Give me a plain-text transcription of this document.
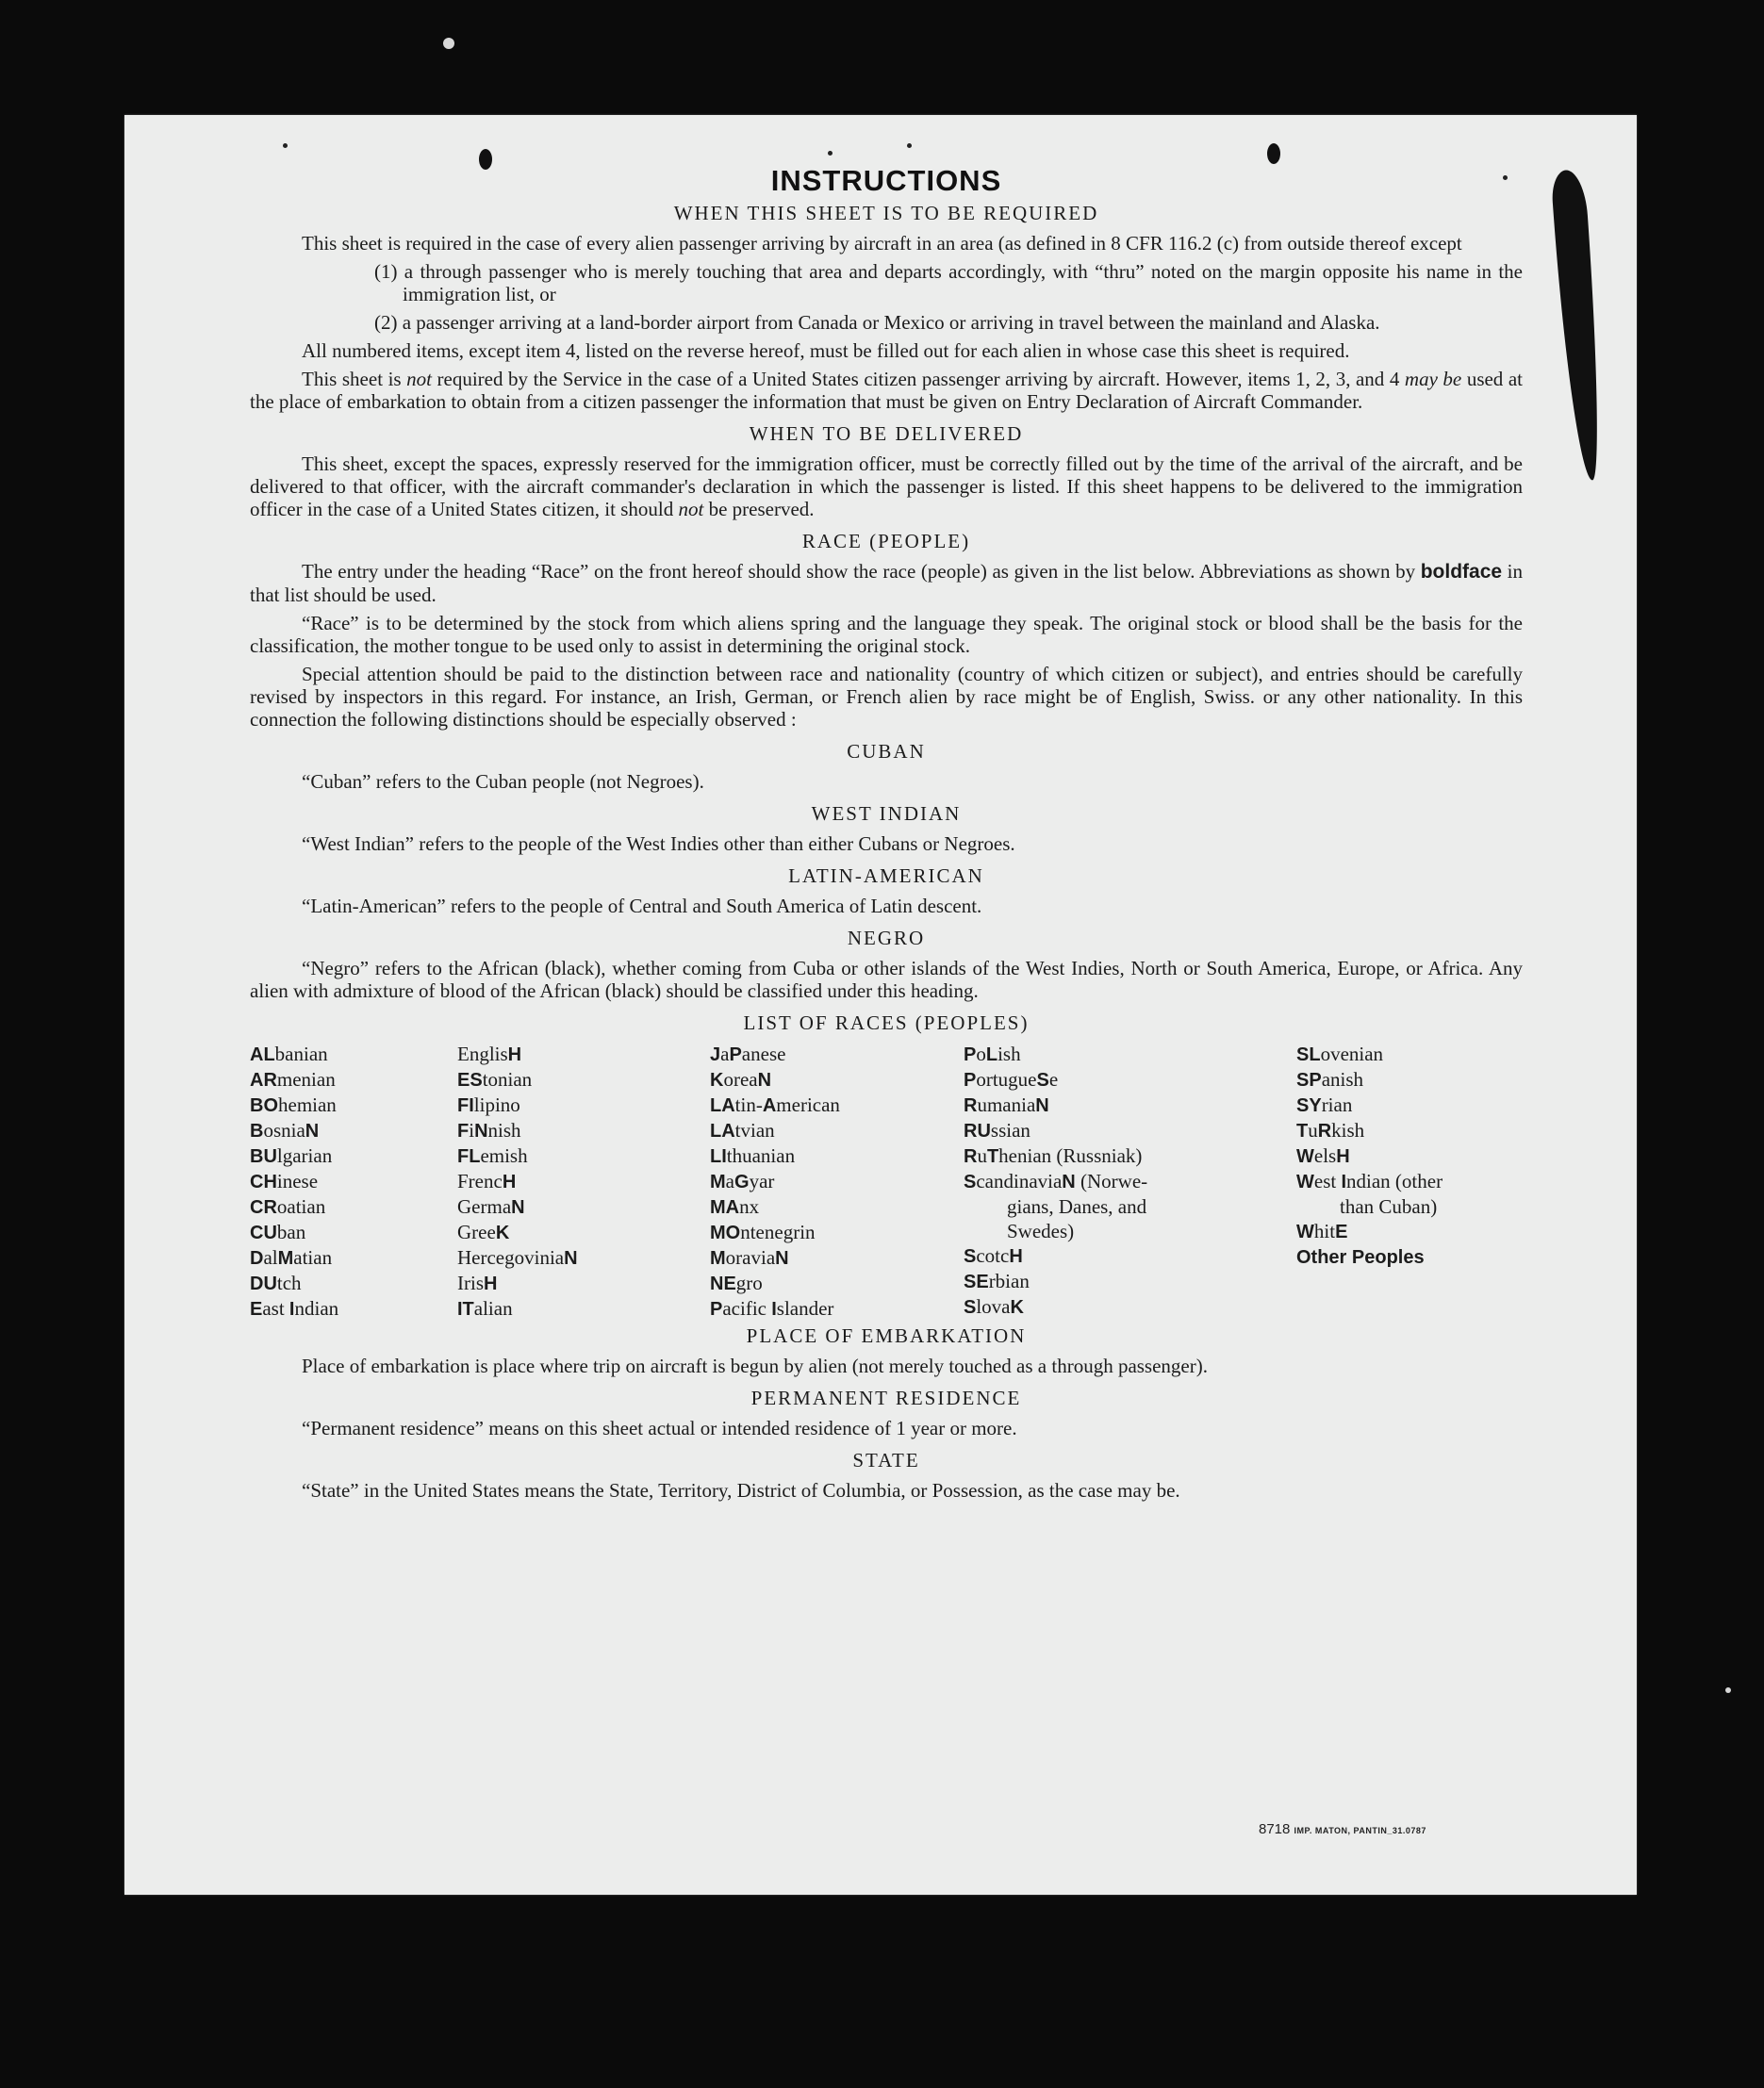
INSTRUCTIONS
WHEN THIS SHEET IS TO BE REQUIRED

This sheet is required in the case of every alien passenger arriving by aircraft in an area (as defined in 8 CFR 116.2 (c) from outside thereof except

(1) a through passenger who is merely touching that area and departs accordingly, with “thru” noted on the margin opposite his name in the immigration list, or

(2) a passenger arriving at a land-border airport from Canada or Mexico or arriving in travel between the mainland and Alaska.

All numbered items, except item 4, listed on the reverse hereof, must be filled out for each alien in whose case this sheet is required.

This sheet is not required by the Service in the case of a United States citizen passenger arriving by aircraft. However, items 1, 2, 3, and 4 may be used at the place of embarkation to obtain from a citizen passenger the information that must be given on Entry Declaration of Aircraft Commander.

WHEN TO BE DELIVERED

This sheet, except the spaces, expressly reserved for the immigration officer, must be correctly filled out by the time of the arrival of the aircraft, and be delivered to that officer, with the aircraft commander's declaration in which the passenger is listed. If this sheet happens to be delivered to the immigration officer in the case of a United States citizen, it should not be preserved.

RACE (PEOPLE)

The entry under the heading “Race” on the front hereof should show the race (people) as given in the list below. Abbreviations as shown by boldface in that list should be used.

“Race” is to be determined by the stock from which aliens spring and the language they speak. The original stock or blood shall be the basis for the classification, the mother tongue to be used only to assist in determining the original stock.

Special attention should be paid to the distinction between race and nationality (country of which citizen or subject), and entries should be carefully revised by inspectors in this regard. For instance, an Irish, German, or French alien by race might be of English, Swiss. or any other nationality. In this connection the following distinctions should be especially observed :

CUBAN

“Cuban” refers to the Cuban people (not Negroes).

WEST INDIAN

“West Indian” refers to the people of the West Indies other than either Cubans or Negroes.

LATIN-AMERICAN

“Latin-American” refers to the people of Central and South America of Latin descent.

NEGRO

“Negro” refers to the African (black), whether coming from Cuba or other islands of the West Indies, North or South America, Europe, or Africa. Any alien with admixture of blood of the African (black) should be classified under this heading.

LIST OF RACES (PEOPLES)
ALbanian
ARmenian
BOhemian
BosniaN
BUlgarian
CHinese
CRoatian
CUban
DalMatian
DUtch
East Indian
EnglisH
EStonian
FIlipino
FiNnish
FLemish
FrencH
GermaN
GreeK
HercegoviniaN
IrisH
ITalian
JaPanese
KoreaN
LAtin-American
LAtvian
LIthuanian
MaGyar
MAnx
MOntenegrin
MoraviaN
NEgro
Pacific Islander
PoLish
PortugueSe
RumaniaN
RUssian
RuThenian (Russniak)
ScandinaviaN (Norwe-
gians, Danes, and
Swedes)
ScotcH
SErbian
SlovaK
SLovenian
SPanish
SYrian
TuRkish
WelsH
West Indian (other
than Cuban)
WhitE
Other Peoples
PLACE OF EMBARKATION

Place of embarkation is place where trip on aircraft is begun by alien (not merely touched as a through passenger).

PERMANENT RESIDENCE

“Permanent residence” means on this sheet actual or intended residence of 1 year or more.

STATE

“State” in the United States means the State, Territory, District of Columbia, or Possession, as the case may be.

8718 IMP. MATON, PANTIN_31.0787
